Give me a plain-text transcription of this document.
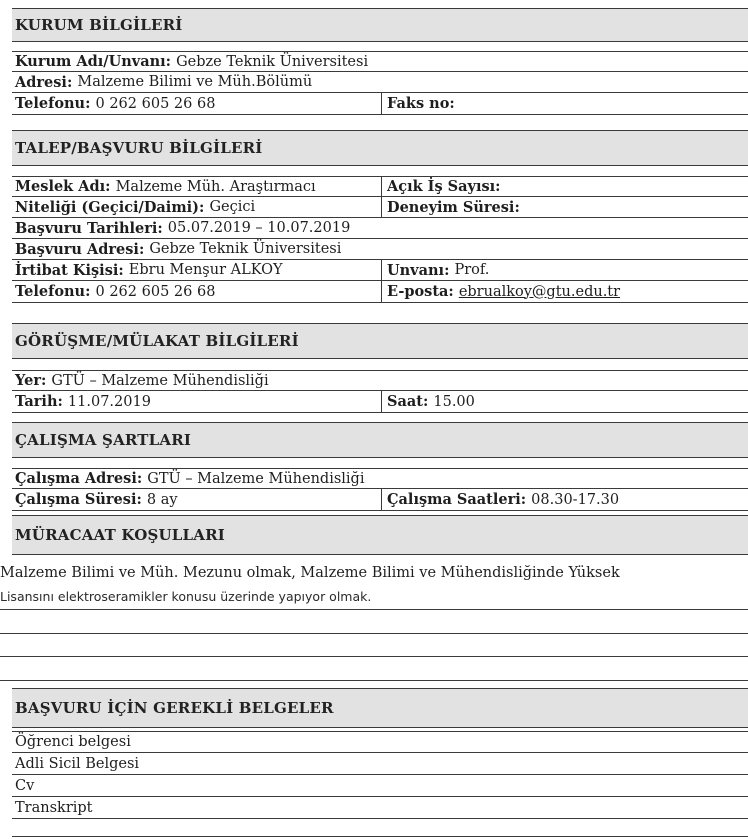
KURUM BİLGİLERİ
Kurum Adı/Unvanı : Gebze Teknik Üniversitesi
Adresi : Malzeme Bilimi ve Müh.Bölümü
Telefonu : 0 262 605 26 68	Faks no :
TALEP/BAŞVURU BİLGİLERİ
Meslek Adı : Malzeme Müh. Araştırmacı	Açık İş Sayısı :
Niteliği (Geçici/Daimi) : Geçici	Deneyim Süresi :
Başvuru Tarihleri : 05.07.2019 – 10.07.2019
Başvuru Adresi : Gebze Teknik Üniversitesi
İrtibat Kişisi : Ebru Menşur ALKOY	Unvanı : Prof.
Telefonu : 0 262 605 26 68	E-posta : ebrualkoy@gtu.edu.tr
GÖRÜŞME/MÜLAKAT BİLGİLERİ
Yer : GTÜ – Malzeme Mühendisliği
Tarih : 11.07.2019	Saat : 15.00
ÇALIŞMA ŞARTLARI
Çalışma Adresi : GTÜ – Malzeme Mühendisliği
Çalışma Süresi : 8 ay	Çalışma Saatleri : 08.30-17.30
MÜRACAAT KOŞULLARI
Malzeme Bilimi ve Müh. Mezunu olmak, Malzeme Bilimi ve Mühendisliğinde Yüksek
Lisansını elektroseramikler konusu üzerinde yapıyor olmak.
BAŞVURU İÇİN GEREKLİ BELGELER
Öğrenci belgesi
Adli Sicil Belgesi
Cv
Transkript
